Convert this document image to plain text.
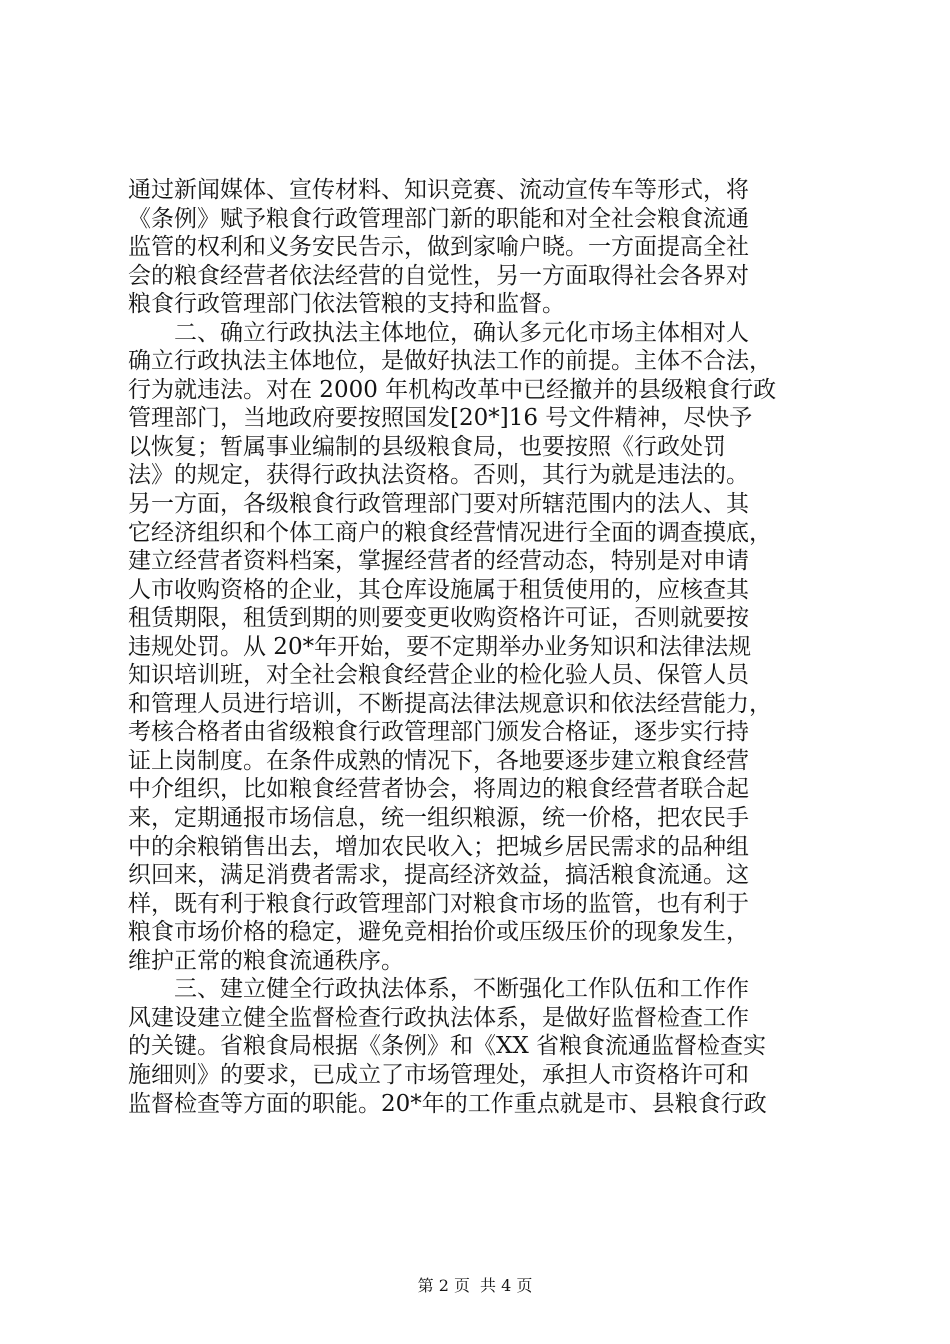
通过新闻媒体、宣传材料、知识竞赛、流动宣传车等形式，将
《条例》赋予粮食行政管理部门新的职能和对全社会粮食流通
监管的权利和义务安民告示，做到家喻户晓。一方面提高全社
会的粮食经营者依法经营的自觉性，另一方面取得社会各界对
粮食行政管理部门依法管粮的支持和监督。
　　二、确立行政执法主体地位，确认多元化市场主体相对人
确立行政执法主体地位，是做好执法工作的前提。主体不合法，
行为就违法。对在 2000 年机构改革中已经撤并的县级粮食行政
管理部门，当地政府要按照国发[20*]16 号文件精神，尽快予
以恢复；暂属事业编制的县级粮食局，也要按照《行政处罚
法》的规定，获得行政执法资格。否则，其行为就是违法的。
另一方面，各级粮食行政管理部门要对所辖范围内的法人、其
它经济组织和个体工商户的粮食经营情况进行全面的调查摸底，
建立经营者资料档案，掌握经营者的经营动态，特别是对申请
人市收购资格的企业，其仓库设施属于租赁使用的，应核查其
租赁期限，租赁到期的则要变更收购资格许可证，否则就要按
违规处罚。从 20*年开始，要不定期举办业务知识和法律法规
知识培训班，对全社会粮食经营企业的检化验人员、保管人员
和管理人员进行培训，不断提高法律法规意识和依法经营能力，
考核合格者由省级粮食行政管理部门颁发合格证，逐步实行持
证上岗制度。在条件成熟的情况下，各地要逐步建立粮食经营
中介组织，比如粮食经营者协会，将周边的粮食经营者联合起
来，定期通报市场信息，统一组织粮源，统一价格，把农民手
中的余粮销售出去，增加农民收入；把城乡居民需求的品种组
织回来，满足消费者需求，提高经济效益，搞活粮食流通。这
样，既有利于粮食行政管理部门对粮食市场的监管，也有利于
粮食市场价格的稳定，避免竞相抬价或压级压价的现象发生，
维护正常的粮食流通秩序。
　　三、建立健全行政执法体系，不断强化工作队伍和工作作
风建设建立健全监督检查行政执法体系，是做好监督检查工作
的关键。省粮食局根据《条例》和《XX 省粮食流通监督检查实
施细则》的要求，已成立了市场管理处，承担人市资格许可和
监督检查等方面的职能。20*年的工作重点就是市、县粮食行政
第 2 页 共 4 页
